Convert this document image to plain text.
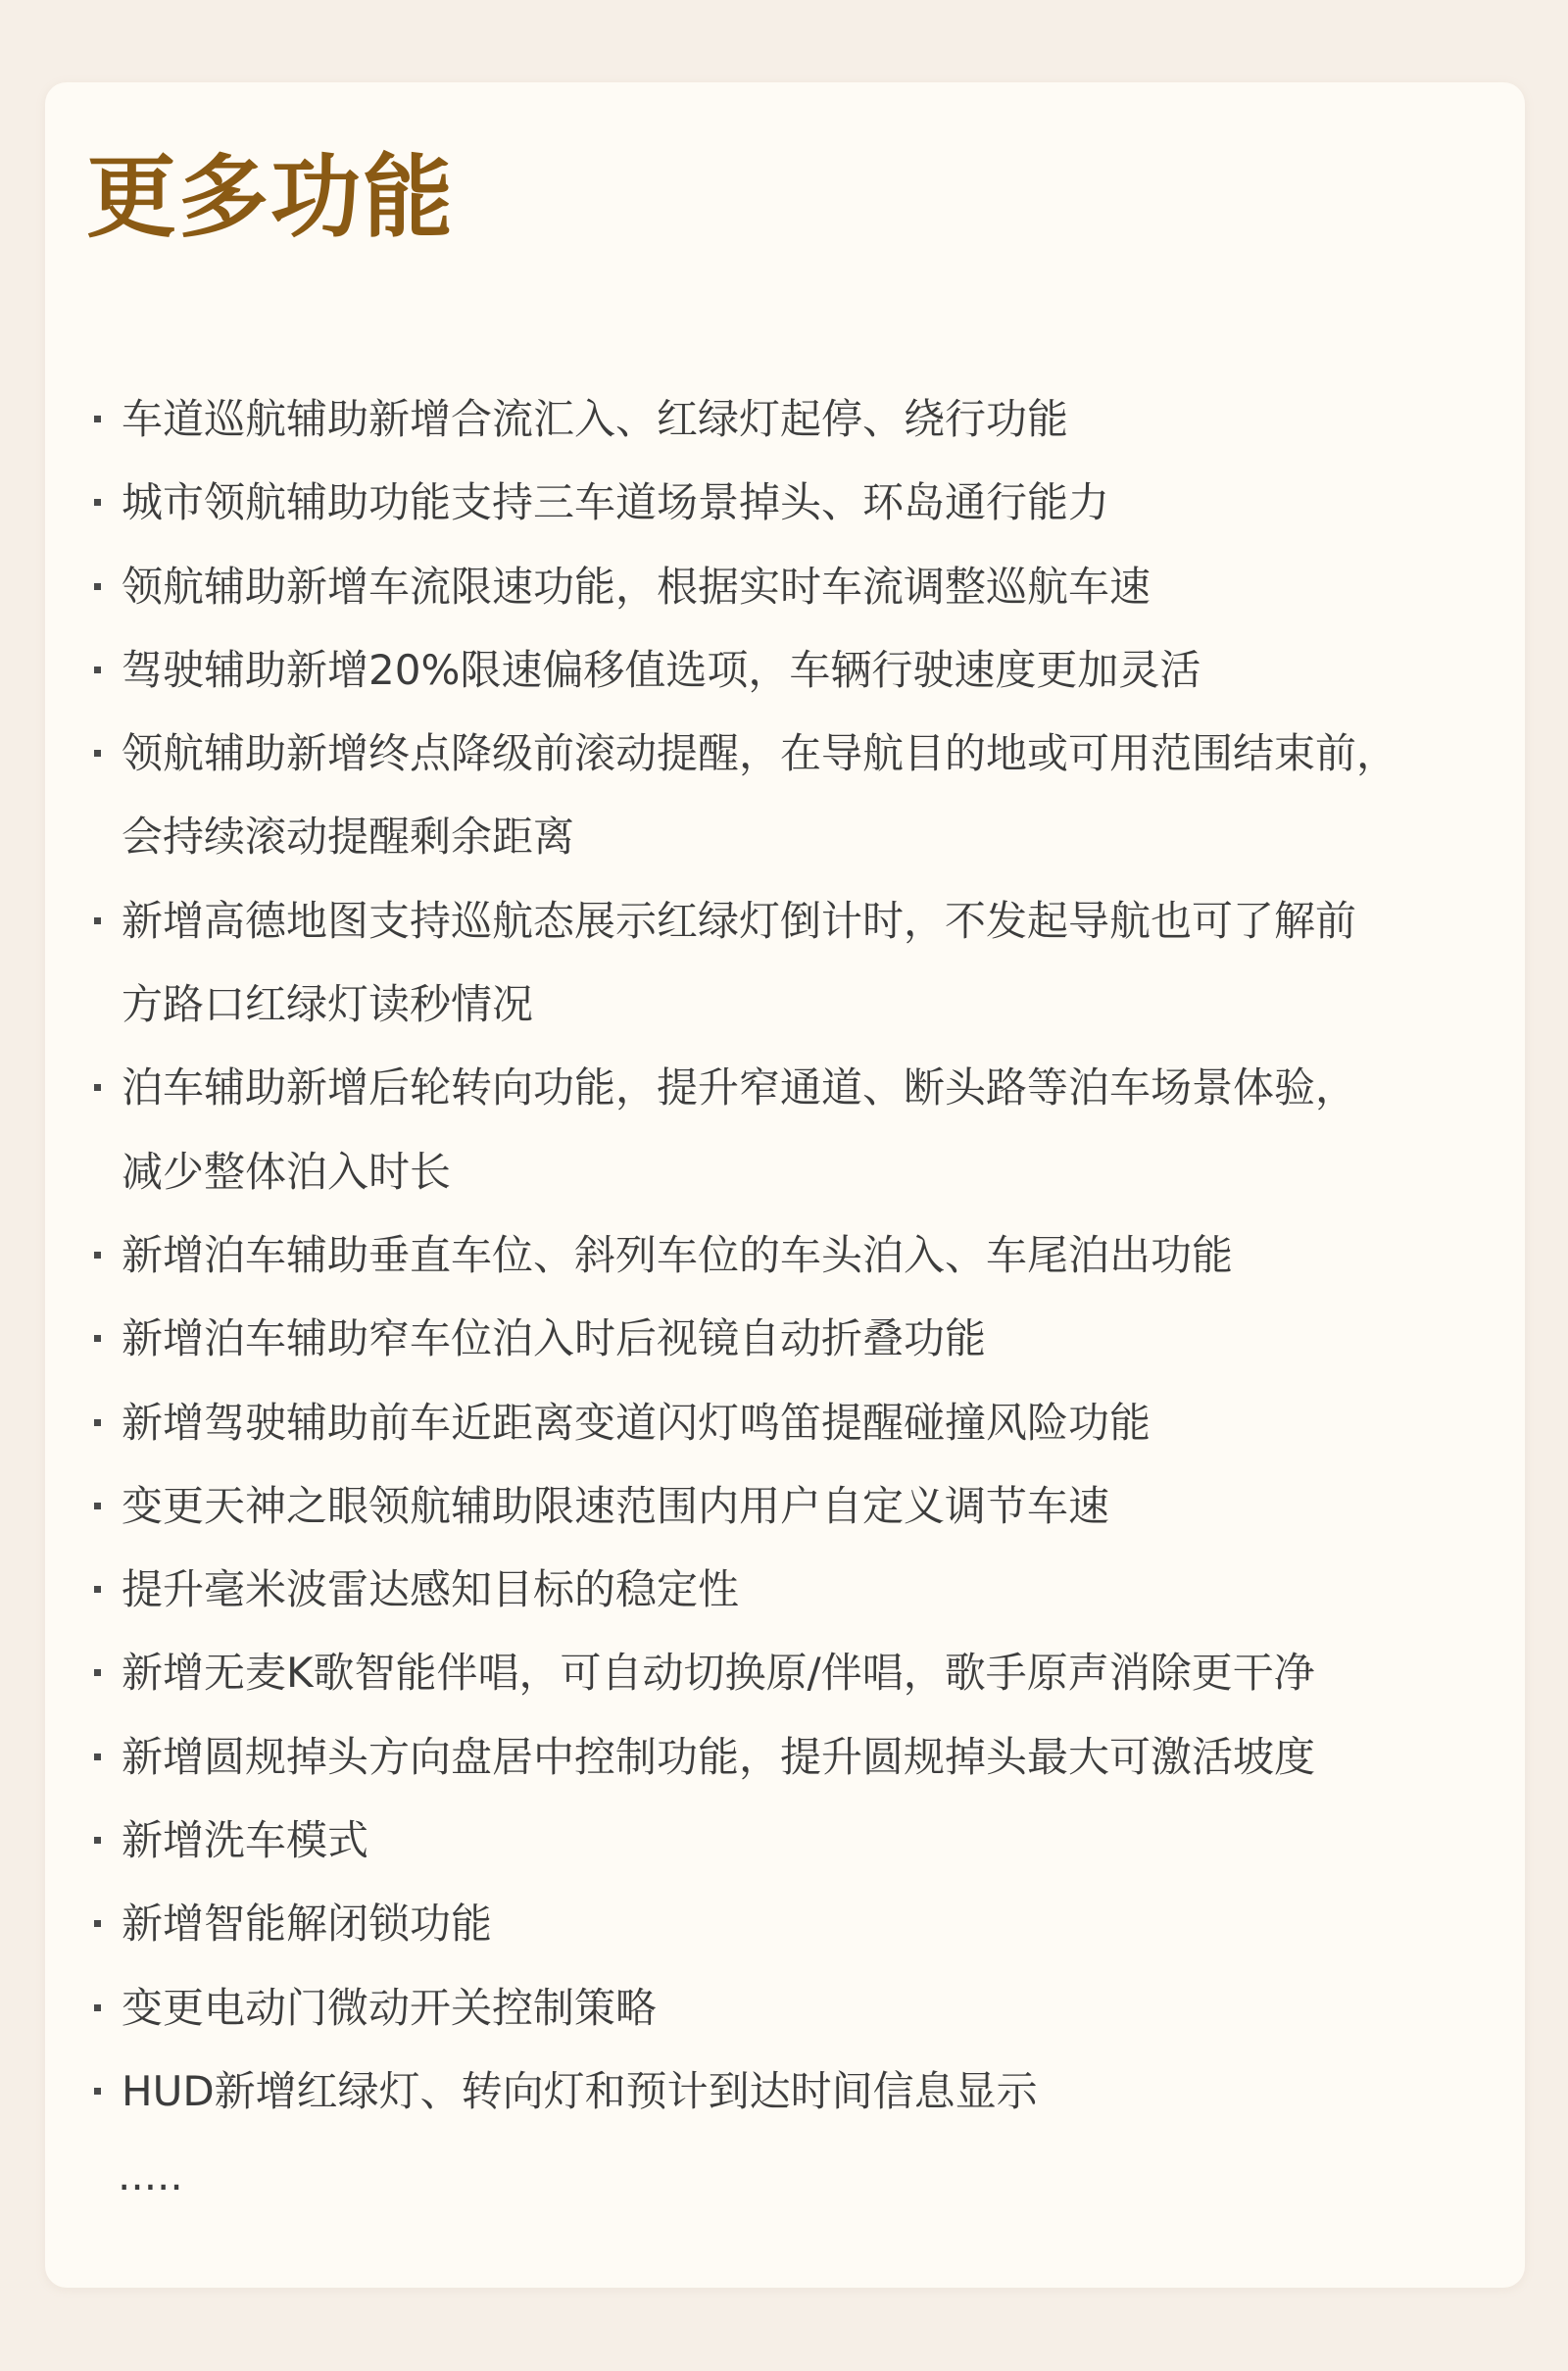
更多功能
车道巡航辅助新增合流汇入、红绿灯起停、绕行功能
城市领航辅助功能支持三车道场景掉头、环岛通行能力
领航辅助新增车流限速功能，根据实时车流调整巡航车速
驾驶辅助新增20%限速偏移值选项，车辆行驶速度更加灵活
领航辅助新增终点降级前滚动提醒，在导航目的地或可用范围结束前，
会持续滚动提醒剩余距离
新增高德地图支持巡航态展示红绿灯倒计时，不发起导航也可了解前
方路口红绿灯读秒情况
泊车辅助新增后轮转向功能，提升窄通道、断头路等泊车场景体验，
减少整体泊入时长
新增泊车辅助垂直车位、斜列车位的车头泊入、车尾泊出功能
新增泊车辅助窄车位泊入时后视镜自动折叠功能
新增驾驶辅助前车近距离变道闪灯鸣笛提醒碰撞风险功能
变更天神之眼领航辅助限速范围内用户自定义调节车速
提升毫米波雷达感知目标的稳定性
新增无麦K歌智能伴唱，可自动切换原/伴唱，歌手原声消除更干净
新增圆规掉头方向盘居中控制功能，提升圆规掉头最大可激活坡度
新增洗车模式
新增智能解闭锁功能
变更电动门微动开关控制策略
HUD新增红绿灯、转向灯和预计到达时间信息显示
.....
